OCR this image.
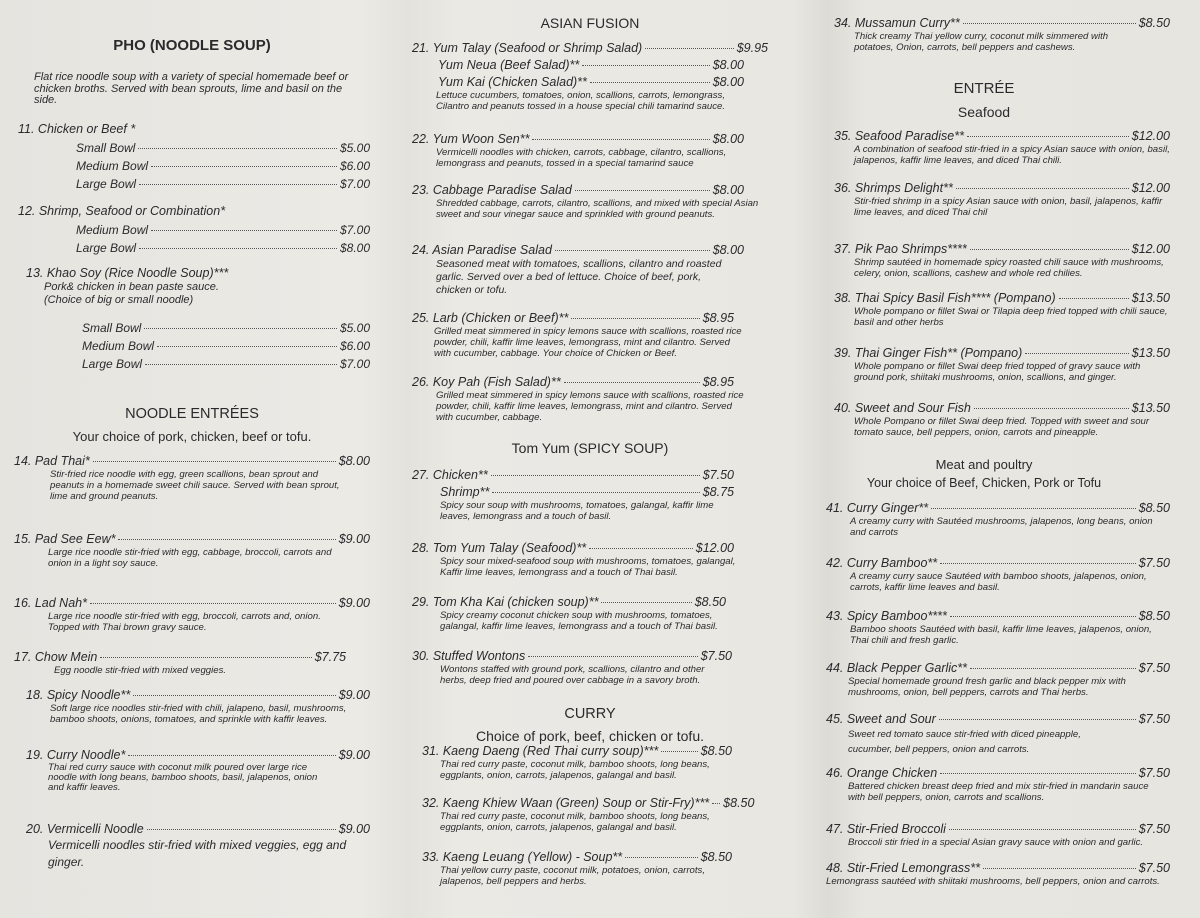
PHO (NOODLE SOUP)

Flat rice noodle soup with a variety of special homemade beef or chicken broths. Served with bean sprouts, lime and basil on the side.

11. Chicken or Beef *
Small Bowl	$5.00
Medium Bowl	$6.00
Large Bowl	$7.00
12. Shrimp, Seafood or Combination*
Medium Bowl	$7.00
Large Bowl	$8.00
13. Khao Soy (Rice Noodle Soup)***

Pork& chicken in bean paste sauce.

(Choice of big or small noodle)

Small Bowl	$5.00
Medium Bowl	$6.00
Large Bowl	$7.00
NOODLE ENTRÉES

Your choice of pork, chicken, beef or tofu.

14. Pad Thai*	$8.00

Stir-fried rice noodle with egg, green scallions, bean sprout and peanuts in a homemade sweet chili sauce. Served with bean sprout, lime and ground peanuts.

15. Pad See Eew*	$9.00

Large rice noodle stir-fried with egg, cabbage, broccoli, carrots and onion in a light soy sauce.

16. Lad Nah*	$9.00

Large rice noodle stir-fried with egg, broccoli, carrots and, onion. Topped with Thai brown gravy sauce.

17. Chow Mein	$7.75

Egg noodle stir-fried with mixed veggies.

18. Spicy Noodle**	$9.00

Soft large rice noodles stir-fried with chili, jalapeno, basil, mushrooms, bamboo shoots, onions, tomatoes, and sprinkle with kaffir leaves.

19. Curry Noodle*	$9.00

Thai red curry sauce with coconut milk poured over large rice noodle with long beans, bamboo shoots, basil, jalapenos, onion and kaffir leaves.

20. Vermicelli Noodle	$9.00

Vermicelli noodles stir-fried with mixed veggies, egg and ginger.

ASIAN FUSION
21. Yum Talay (Seafood or Shrimp Salad)	$9.95
Yum Neua (Beef Salad)**	$8.00
Yum Kai (Chicken Salad)**	$8.00

Lettuce cucumbers, tomatoes, onion, scallions, carrots, lemongrass, Cilantro and peanuts tossed in a house special chili tamarind sauce.

22. Yum Woon Sen**	$8.00

Vermicelli noodles with chicken, carrots, cabbage, cilantro, scallions, lemongrass and peanuts, tossed in a special tamarind sauce

23. Cabbage Paradise Salad	$8.00

Shredded cabbage, carrots, cilantro, scallions, and mixed with special Asian sweet and sour vinegar sauce and sprinkled with ground peanuts.

24. Asian Paradise Salad	$8.00

Seasoned meat with tomatoes, scallions, cilantro and roasted garlic. Served over a bed of lettuce. Choice of beef, pork, chicken or tofu.

25. Larb (Chicken or Beef)**	$8.95

Grilled meat simmered in spicy lemons sauce with scallions, roasted rice powder, chili, kaffir lime leaves, lemongrass, mint and cilantro. Served with cucumber, cabbage. Your choice of Chicken or Beef.

26. Koy Pah (Fish Salad)**	$8.95

Grilled meat simmered in spicy lemons sauce with scallions, roasted rice powder, chili, kaffir lime leaves, lemongrass, mint and cilantro. Served with cucumber, cabbage.

Tom Yum (SPICY SOUP)
27. Chicken**	$7.50
Shrimp**	$8.75

Spicy sour soup with mushrooms, tomatoes, galangal, kaffir lime leaves, lemongrass and a touch of basil.

28. Tom Yum Talay (Seafood)**	$12.00

Spicy sour mixed-seafood soup with mushrooms, tomatoes, galangal, Kaffir lime leaves, lemongrass and a touch of Thai basil.

29. Tom Kha Kai (chicken soup)**	$8.50

Spicy creamy coconut chicken soup with mushrooms, tomatoes, galangal, kaffir lime leaves, lemongrass and a touch of Thai basil.

30. Stuffed Wontons	$7.50

Wontons staffed with ground pork, scallions, cilantro and other herbs, deep fried and poured over cabbage in a savory broth.

CURRY

Choice of pork, beef, chicken or tofu.

31. Kaeng Daeng (Red Thai curry soup)***	$8.50

Thai red curry paste, coconut milk, bamboo shoots, long beans, eggplants, onion, carrots, jalapenos, galangal and basil.

32. Kaeng Khiew Waan (Green) Soup or Stir-Fry)*** $8.50

Thai red curry paste, coconut milk, bamboo shoots, long beans, eggplants, onion, carrots, jalapenos, galangal and basil.

33. Kaeng Leuang (Yellow) - Soup**	$8.50

Thai yellow curry paste, coconut milk, potatoes, onion, carrots, jalapenos, bell peppers and herbs.

34. Mussamun Curry**	$8.50

Thick creamy Thai yellow curry, coconut milk simmered with potatoes, Onion, carrots, bell peppers and cashews.

ENTRÉE

Seafood

35. Seafood Paradise**	$12.00

A combination of seafood stir-fried in a spicy Asian sauce with onion, basil, jalapenos, kaffir lime leaves, and diced Thai chili.

36. Shrimps Delight**	$12.00

Stir-fried shrimp in a spicy Asian sauce with onion, basil, jalapenos, kaffir lime leaves, and diced Thai chil

37. Pik Pao Shrimps****	$12.00

Shrimp sautéed in homemade spicy roasted chili sauce with mushrooms, celery, onion, scallions, cashew and whole red chilies.

38. Thai Spicy Basil Fish**** (Pompano)	$13.50

Whole pompano or fillet Swai or Tilapia deep fried topped with chili sauce, basil and other herbs

39. Thai Ginger Fish** (Pompano)	$13.50

Whole pompano or fillet Swai deep fried topped of gravy sauce with ground pork, shiitaki mushrooms, onion, scallions, and ginger.

40. Sweet and Sour Fish	$13.50

Whole Pompano or fillet Swai deep fried. Topped with sweet and sour tomato sauce, bell peppers, onion, carrots and pineapple.

Meat and poultry

Your choice of Beef, Chicken, Pork or Tofu

41. Curry Ginger**	$8.50

A creamy curry with Sautéed mushrooms, jalapenos, long beans, onion and carrots

42. Curry Bamboo**	$7.50

A creamy curry sauce Sautéed with bamboo shoots, jalapenos, onion, carrots, kaffir lime leaves and basil.

43. Spicy Bamboo****	$8.50

Bamboo shoots Sautéed with basil, kaffir lime leaves, jalapenos, onion, Thai chili and fresh garlic.

44. Black Pepper Garlic**	$7.50

Special homemade ground fresh garlic and black pepper mix with mushrooms, onion, bell peppers, carrots and Thai herbs.

45. Sweet and Sour	$7.50

Sweet red tomato sauce stir-fried with diced pineapple, cucumber, bell peppers, onion and carrots.

46. Orange Chicken	$7.50

Battered chicken breast deep fried and mix stir-fried in mandarin sauce with bell peppers, onion, carrots and scallions.

47. Stir-Fried Broccoli	$7.50

Broccoli stir fried in a special Asian gravy sauce with onion and garlic.

48. Stir-Fried Lemongrass**	$7.50

Lemongrass sautéed with shiitaki mushrooms, bell peppers, onion and carrots.
